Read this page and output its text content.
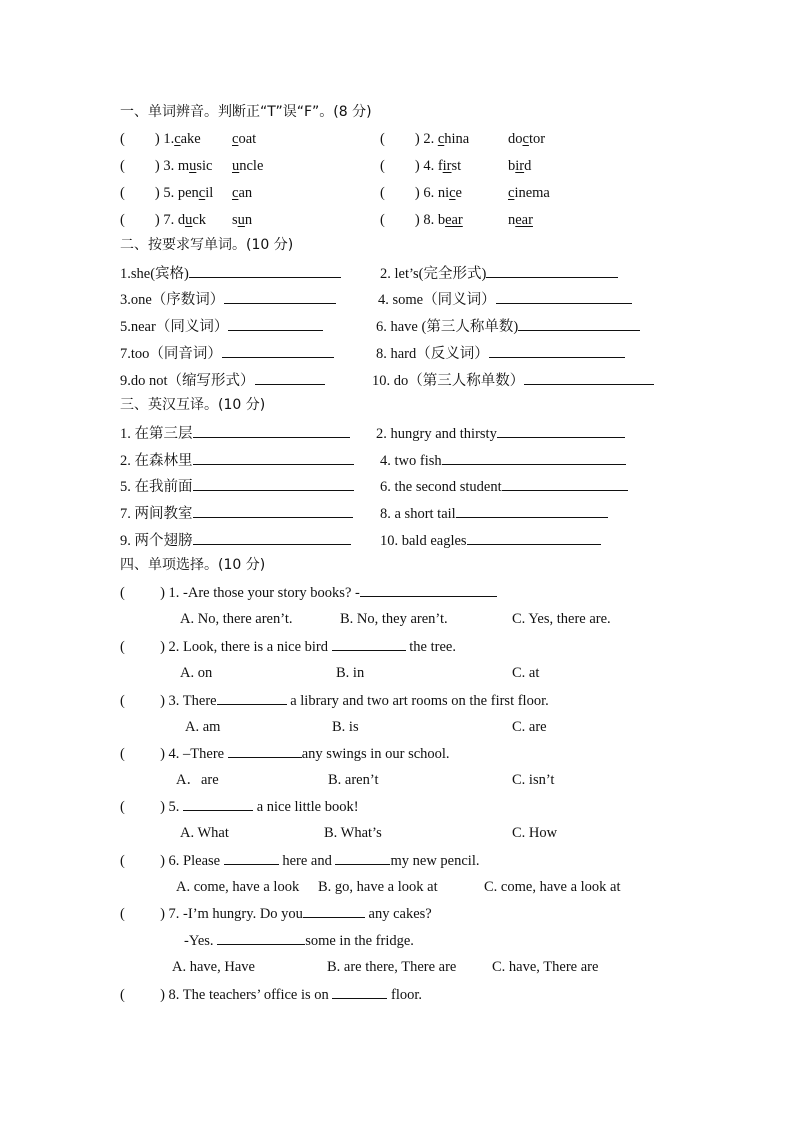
一、单词辨音。判断正“T”误“F”。(8 分)
( ) 1.cake coat	( ) 2. china	doctor
( ) 3. music uncle	( ) 4. first	bird
( ) 5. pencil can	( ) 6. nice	cinema
( ) 7. duck sun	( ) 8. bear	near
二、按要求写单词。(10 分)
1.she(宾格)	2. let’s(完全形式)
3.one（序数词）	4. some（同义词）
5.near（同义词）	6. have (第三人称单数)
7.too（同音词）	8. hard（反义词）
9.do not（缩写形式）	10. do（第三人称单数）
三、英汉互译。(10 分)
1. 在第三层	2. hungry and thirsty
2. 在森林里	4. two fish
5. 在我前面	6. the second student
7. 两间教室	8. a short tail
9. 两个翅膀	10. bald eagles
四、单项选择。(10 分)
( ) 1. -Are those your story books? -
A. No, there aren’t.	B. No, they aren’t.	C. Yes, there are.
( ) 2. Look, there is a nice bird	the tree.
A. on	B. in	C. at
( ) 3. There	a library and two art rooms on the first floor.
A. am	B. is	C. are
( ) 4. –There	any swings in our school.
A．are	B. aren’t	C. isn’t
( ) 5.	a nice little book!
A. What	B. What’s	C. How
( ) 6. Please	here and	my new pencil.
A. come, have a look B. go, have a look at	C. come, have a look at
( ) 7. -I’m hungry. Do you	any cakes?
-Yes.	some in the fridge.
A. have, Have	B. are there, There are C. have, There are
( ) 8. The teachers’ office is on	floor.
